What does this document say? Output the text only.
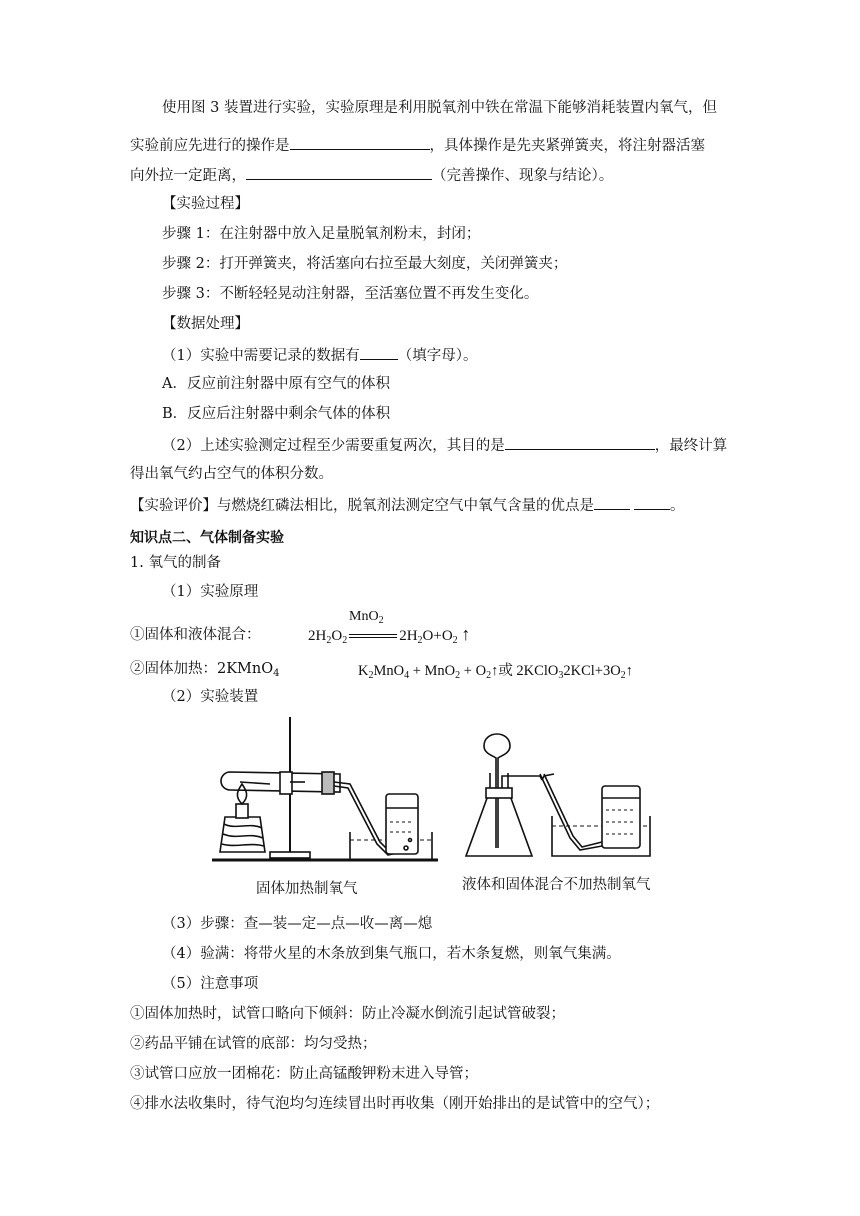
使用图 3 装置进行实验，实验原理是利用脱氧剂中铁在常温下能够消耗装置内氧气，但
实验前应先进行的操作是	，具体操作是先夹紧弹簧夹，将注射器活塞
向外拉一定距离，	（完善操作、现象与结论）。
【实验过程】
步骤 1：在注射器中放入足量脱氧剂粉末，封闭；
步骤 2：打开弹簧夹，将活塞向右拉至最大刻度，关闭弹簧夹；
步骤 3：不断轻轻晃动注射器，至活塞位置不再发生变化。
【数据处理】
（1）实验中需要记录的数据有	（填字母）。
A．反应前注射器中原有空气的体积
B．反应后注射器中剩余气体的体积
（2）上述实验测定过程至少需要重复两次，其目的是	，最终计算
得出氧气约占空气的体积分数。
【实验评价】与燃烧红磷法相比，脱氧剂法测定空气中氧气含量的优点是	。
知识点二、气体制备实验
1. 氧气的制备
（1）实验原理
①固体和液体混合：	$2H_2O_2$	$2H_2O+O_2$ ↑
MnO$_2$
②固体加热：2KMnO$_4$	$K_2MnO_4 + MnO_2$ + $O_2↑$或 $2KClO_32KCl+3O_2↑$
（2）实验装置
固体加热制氧气	液体和固体混合不加热制氧气
（3）步骤：查—装—定—点—收—离—熄
（4）验满：将带火星的木条放到集气瓶口，若木条复燃，则氧气集满。
（5）注意事项
①固体加热时，试管口略向下倾斜：防止冷凝水倒流引起试管破裂；
②药品平铺在试管的底部：均匀受热；
③试管口应放一团棉花：防止高锰酸钾粉末进入导管；
④排水法收集时，待气泡均匀连续冒出时再收集（刚开始排出的是试管中的空气）；
